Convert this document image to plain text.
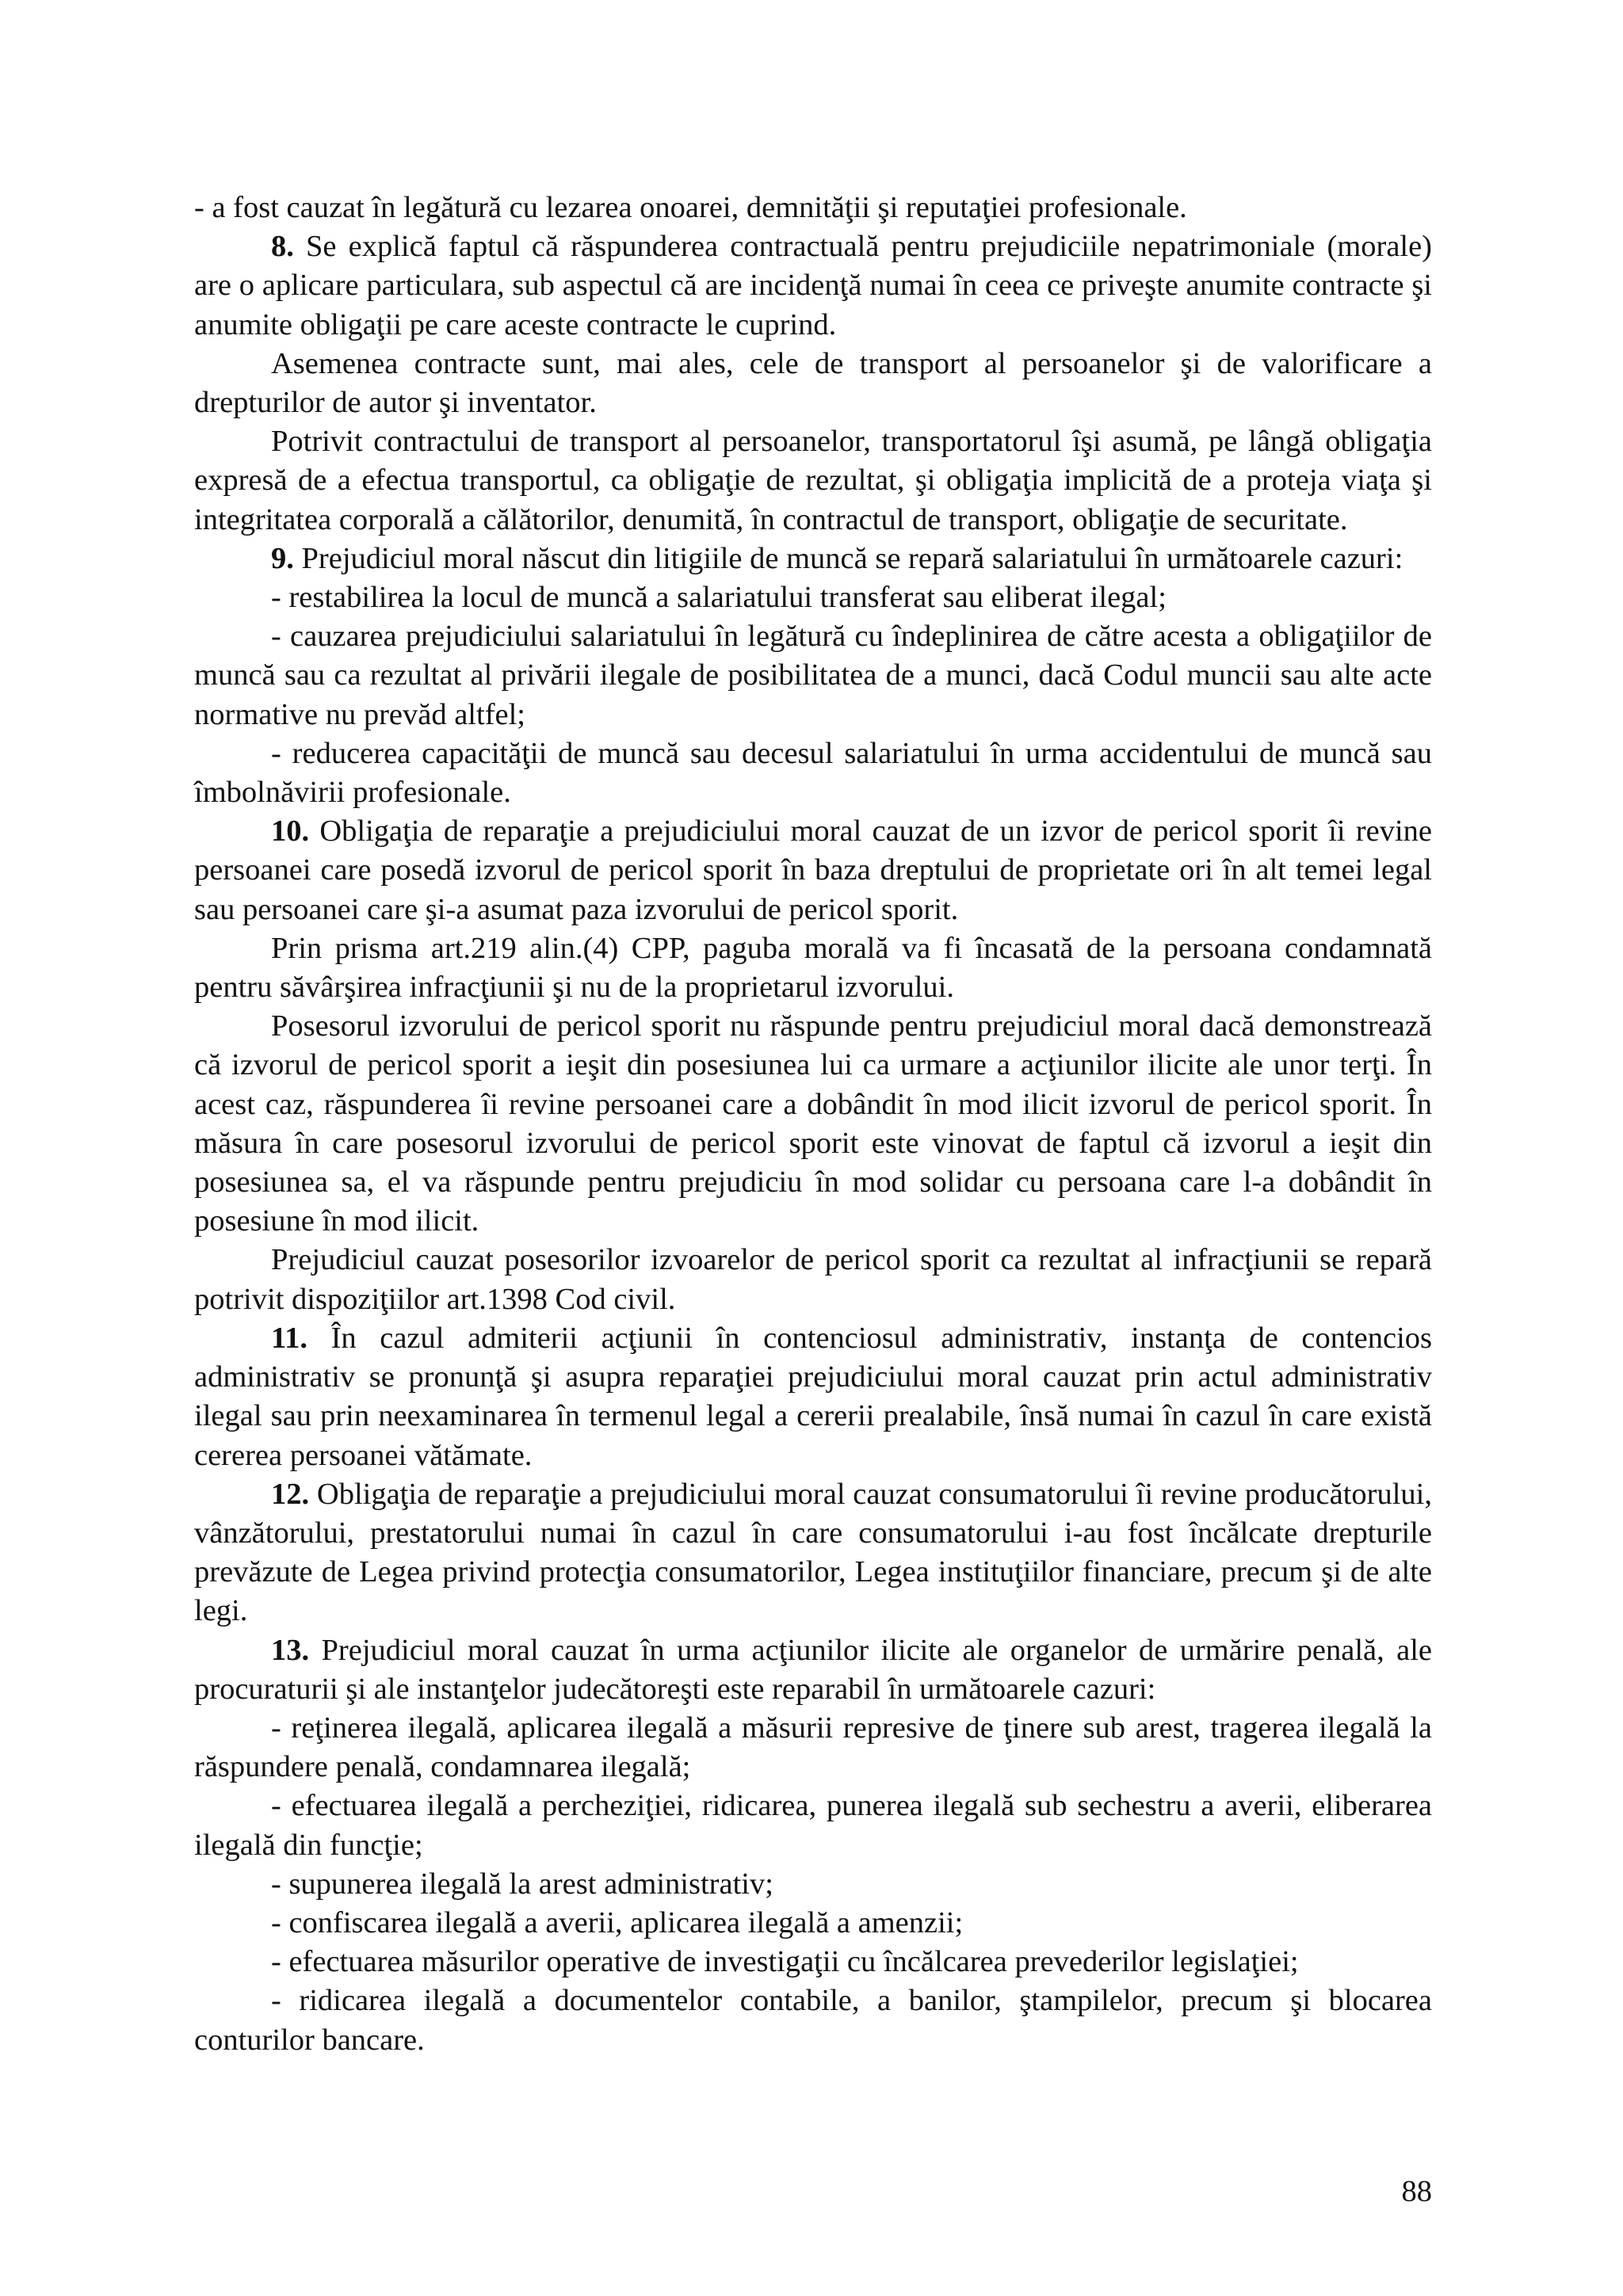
- a fost cauzat în legătură cu lezarea onoarei, demnităţii şi reputaţiei profesionale.

8. Se explică faptul că răspunderea contractuală pentru prejudiciile nepatrimoniale (morale) are o aplicare particulara, sub aspectul că are incidenţă numai în ceea ce priveşte anumite contracte şi anumite obligaţii pe care aceste contracte le cuprind.

Asemenea contracte sunt, mai ales, cele de transport al persoanelor şi de valorificare a drepturilor de autor şi inventator.

Potrivit contractului de transport al persoanelor, transportatorul îşi asumă, pe lângă obligaţia expresă de a efectua transportul, ca obligaţie de rezultat, şi obligaţia implicită de a proteja viaţa şi integritatea corporală a călătorilor, denumită, în contractul de transport, obligaţie de securitate.

9. Prejudiciul moral născut din litigiile de muncă se repară salariatului în următoarele cazuri:

- restabilirea la locul de muncă a salariatului transferat sau eliberat ilegal;

- cauzarea prejudiciului salariatului în legătură cu îndeplinirea de către acesta a obligaţiilor de muncă sau ca rezultat al privării ilegale de posibilitatea de a munci, dacă Codul muncii sau alte acte normative nu prevăd altfel;

- reducerea capacităţii de muncă sau decesul salariatului în urma accidentului de muncă sau îmbolnăvirii profesionale.

10. Obligaţia de reparaţie a prejudiciului moral cauzat de un izvor de pericol sporit îi revine persoanei care posedă izvorul de pericol sporit în baza dreptului de proprietate ori în alt temei legal sau persoanei care şi-a asumat paza izvorului de pericol sporit.

Prin prisma art.219 alin.(4) CPP, paguba morală va fi încasată de la persoana condamnată pentru săvârşirea infracţiunii şi nu de la proprietarul izvorului.

Posesorul izvorului de pericol sporit nu răspunde pentru prejudiciul moral dacă demonstrează că izvorul de pericol sporit a ieşit din posesiunea lui ca urmare a acţiunilor ilicite ale unor terţi. În acest caz, răspunderea îi revine persoanei care a dobândit în mod ilicit izvorul de pericol sporit. În măsura în care posesorul izvorului de pericol sporit este vinovat de faptul că izvorul a ieşit din posesiunea sa, el va răspunde pentru prejudiciu în mod solidar cu persoana care l-a dobândit în posesiune în mod ilicit.

Prejudiciul cauzat posesorilor izvoarelor de pericol sporit ca rezultat al infracţiunii se repară potrivit dispoziţiilor art.1398 Cod civil.

11. În cazul admiterii acţiunii în contenciosul administrativ, instanţa de contencios administrativ se pronunţă şi asupra reparaţiei prejudiciului moral cauzat prin actul administrativ ilegal sau prin neexaminarea în termenul legal a cererii prealabile, însă numai în cazul în care există cererea persoanei vătămate.

12. Obligaţia de reparaţie a prejudiciului moral cauzat consumatorului îi revine producătorului, vânzătorului, prestatorului numai în cazul în care consumatorului i-au fost încălcate drepturile prevăzute de Legea privind protecţia consumatorilor, Legea instituţiilor financiare, precum şi de alte legi.

13. Prejudiciul moral cauzat în urma acţiunilor ilicite ale organelor de urmărire penală, ale procuraturii şi ale instanţelor judecătoreşti este reparabil în următoarele cazuri:

- reţinerea ilegală, aplicarea ilegală a măsurii represive de ţinere sub arest, tragerea ilegală la răspundere penală, condamnarea ilegală;

- efectuarea ilegală a percheziţiei, ridicarea, punerea ilegală sub sechestru a averii, eliberarea ilegală din funcţie;

- supunerea ilegală la arest administrativ;

- confiscarea ilegală a averii, aplicarea ilegală a amenzii;

- efectuarea măsurilor operative de investigaţii cu încălcarea prevederilor legislaţiei;

- ridicarea ilegală a documentelor contabile, a banilor, ştampilelor, precum şi blocarea conturilor bancare.

88
